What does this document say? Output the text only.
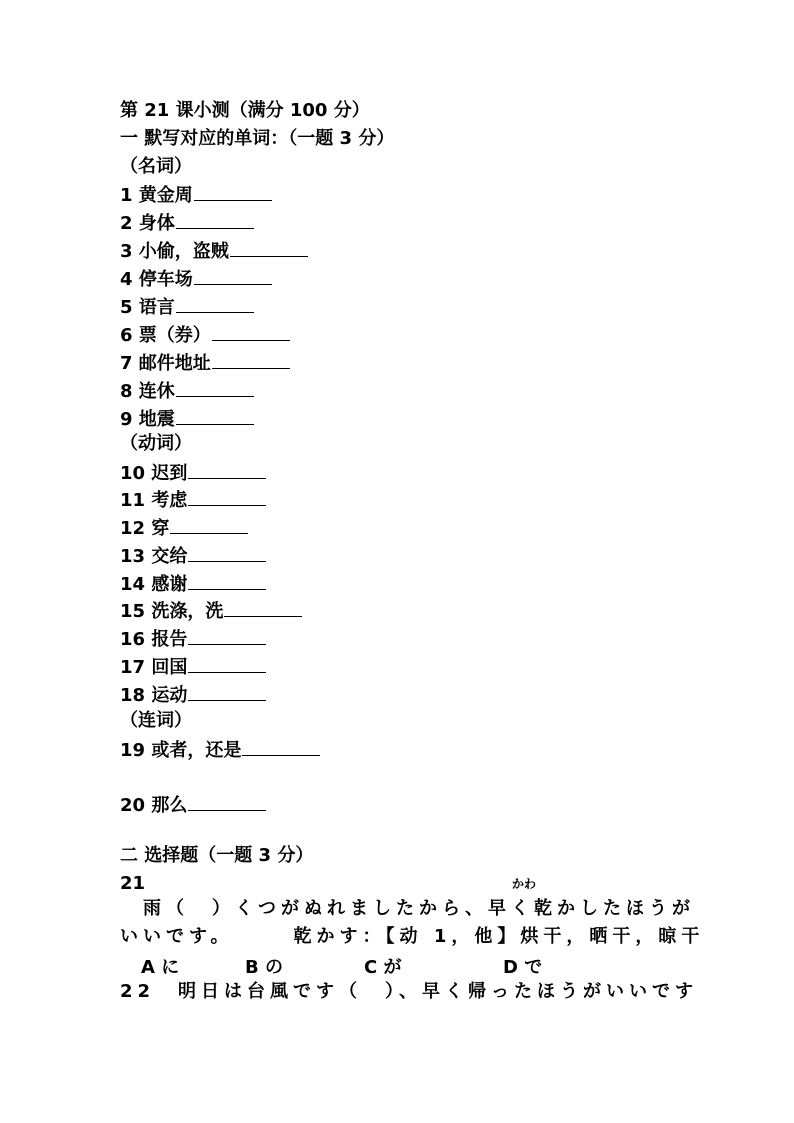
第 21 课小测（满分 100 分）
一 默写对应的单词：（一题 3 分）
（名词）
1 黄金周
2 身体
3 小偷，盗贼
4 停车场
5 语言
6 票（券）
7 邮件地址
8 连休
9 地震
（动词）
10 迟到
11 考虑
12 穿
13 交给
14 感谢
15 洗涤，洗
16 报告
17 回国
18 运动
（连词）
19 或者，还是
20 那么
二 选择题（一题 3 分）
21	かわ
雨（　）くつがぬれましたから、早く乾かしたほうが
いいです。　　　乾かす：【动 1，他】烘干，晒干，晾干
A に	B の	C が	D で
22　明日は台風です（　）、早く帰ったほうがいいです
